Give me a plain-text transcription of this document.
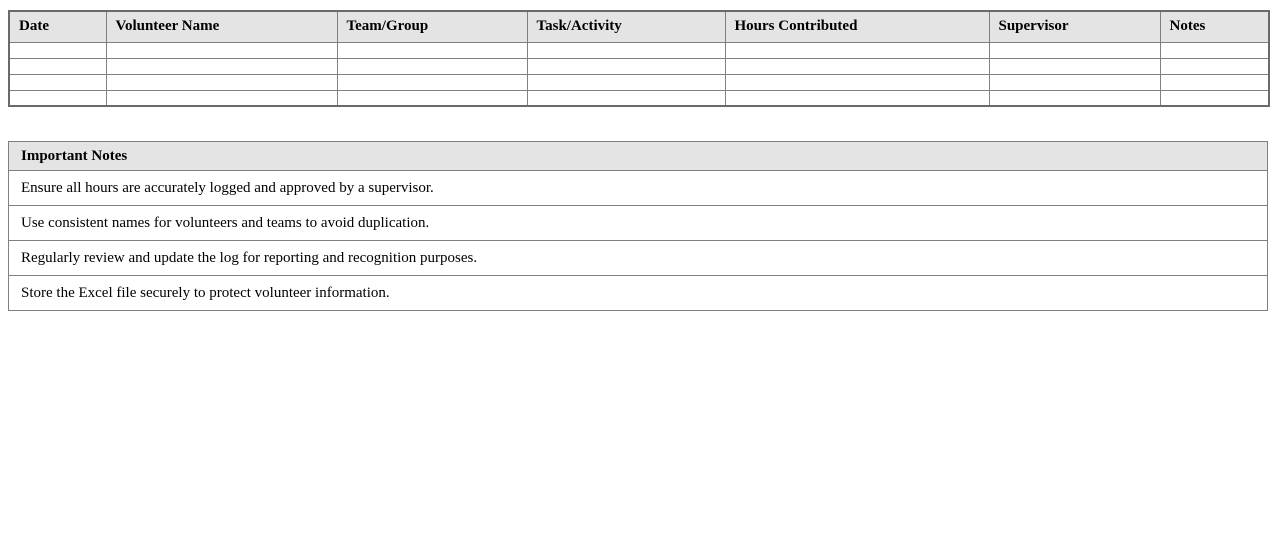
Date	Volunteer Name	Team/Group	Task/Activity	Hours Contributed	Supervisor	Notes

Important Notes
Ensure all hours are accurately logged and approved by a supervisor.
Use consistent names for volunteers and teams to avoid duplication.
Regularly review and update the log for reporting and recognition purposes.
Store the Excel file securely to protect volunteer information.
